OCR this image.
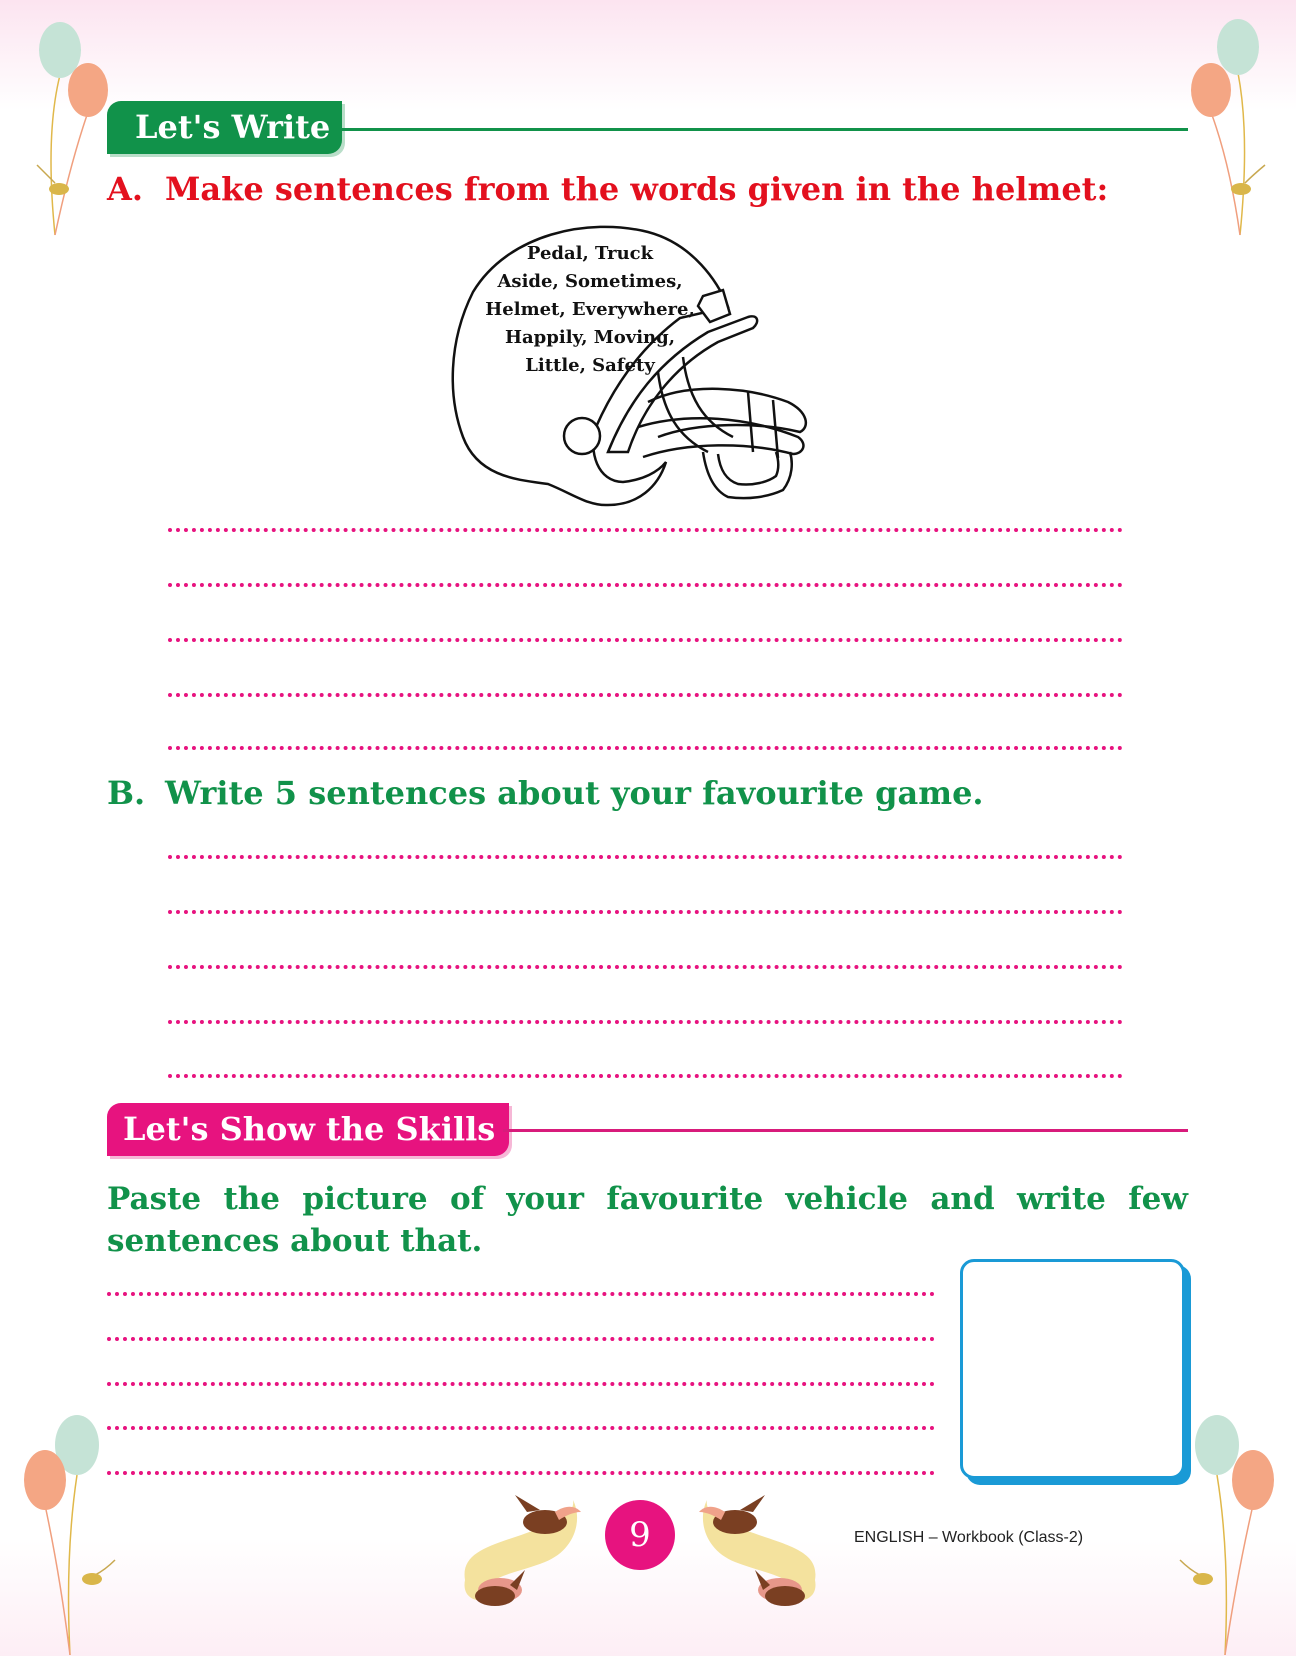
Let's Write
A. Make sentences from the words given in the helmet:
Pedal, Truck
Aside, Sometimes,
Helmet, Everywhere,
Happily, Moving,
Little, Safety
B. Write 5 sentences about your favourite game.
Let's Show the Skills
Paste the picture of your favourite vehicle and write few sentences about that.
9	ENGLISH – Workbook (Class-2)
